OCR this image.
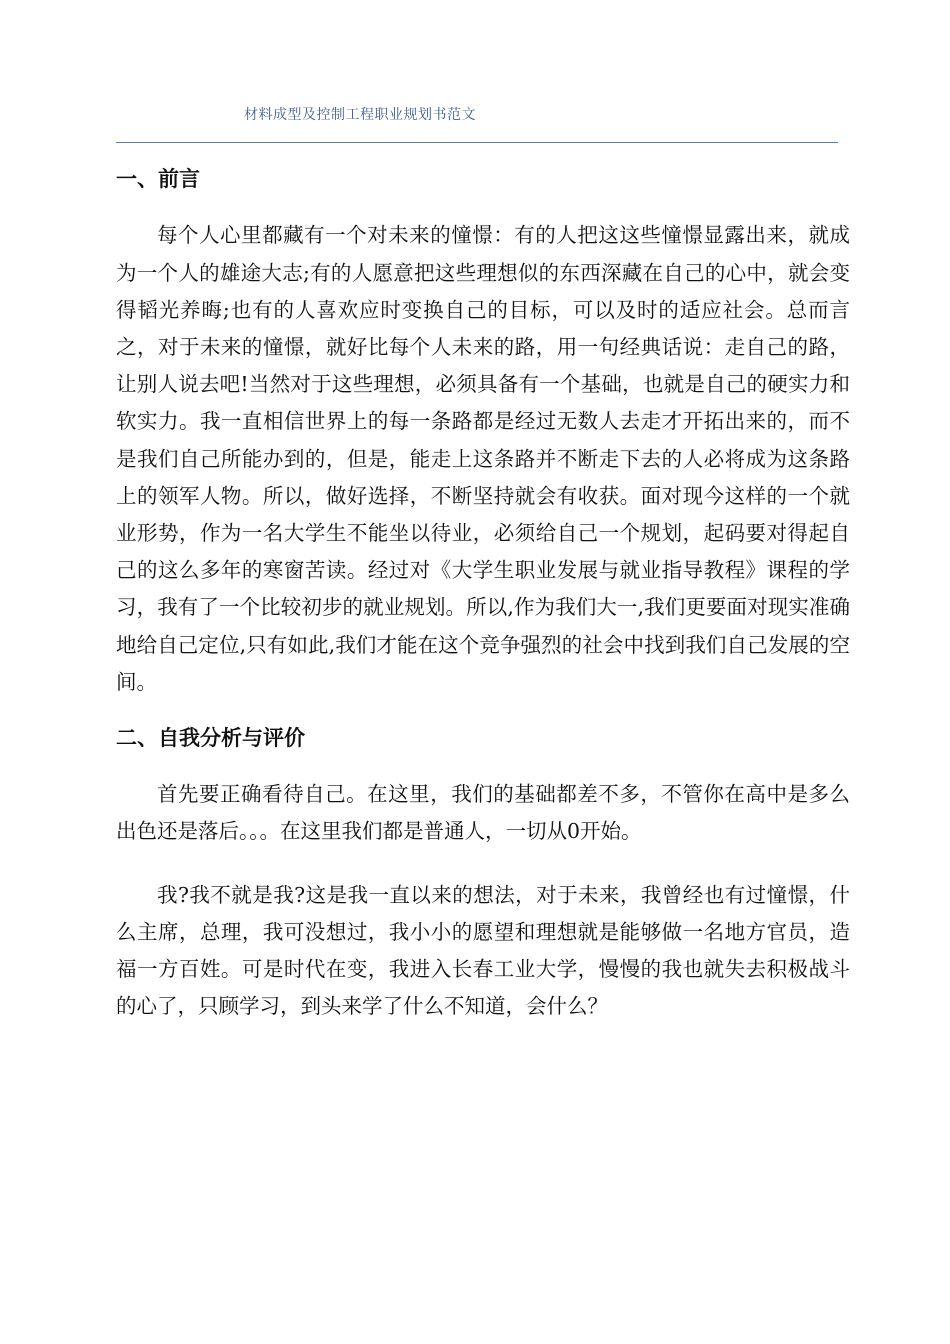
材料成型及控制工程职业规划书范文
一、前言

每个人心里都藏有一个对未来的憧憬：有的人把这这些憧憬显露出来，就成为一个人的雄途大志;有的人愿意把这些理想似的东西深藏在自己的心中，就会变得韬光养晦;也有的人喜欢应时变换自己的目标，可以及时的适应社会。总而言之，对于未来的憧憬，就好比每个人未来的路，用一句经典话说：走自己的路，让别人说去吧!当然对于这些理想，必须具备有一个基础，也就是自己的硬实力和软实力。我一直相信世界上的每一条路都是经过无数人去走才开拓出来的，而不是我们自己所能办到的，但是，能走上这条路并不断走下去的人必将成为这条路上的领军人物。所以，做好选择，不断坚持就会有收获。面对现今这样的一个就业形势，作为一名大学生不能坐以待业，必须给自己一个规划，起码要对得起自己的这么多年的寒窗苦读。经过对《大学生职业发展与就业指导教程》课程的学习，我有了一个比较初步的就业规划。所以,作为我们大一,我们更要面对现实准确地给自己定位,只有如此,我们才能在这个竞争强烈的社会中找到我们自己发展的空间。

二、自我分析与评价

首先要正确看待自己。在这里，我们的基础都差不多，不管你在高中是多么出色还是落后。。。在这里我们都是普通人，一切从0开始。

我?我不就是我?这是我一直以来的想法，对于未来，我曾经也有过憧憬，什么主席，总理，我可没想过，我小小的愿望和理想就是能够做一名地方官员，造福一方百姓。可是时代在变，我进入长春工业大学，慢慢的我也就失去积极战斗的心了，只顾学习，到头来学了什么不知道，会什么？
